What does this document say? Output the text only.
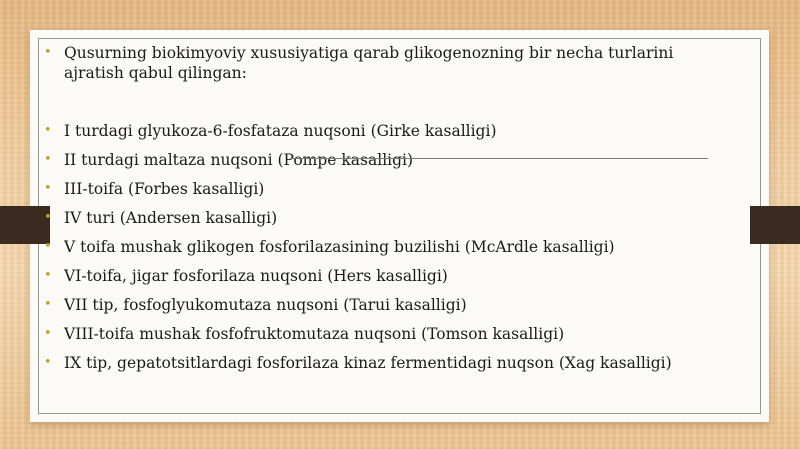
• Qusurning biokimyoviy xususiyatiga qarab glikogenozning bir necha turlarini ajratish qabul qilingan:
• I turdagi glyukoza-6-fosfataza nuqsoni (Girke kasalligi)
• II turdagi maltaza nuqsoni (Pompe kasalligi)
• III-toifa (Forbes kasalligi)
• IV turi (Andersen kasalligi)
• V toifa mushak glikogen fosforilazasining buzilishi (McArdle kasalligi)
• VI-toifa, jigar fosforilaza nuqsoni (Hers kasalligi)
• VII tip, fosfoglyukomutaza nuqsoni (Tarui kasalligi)
• VIII-toifa mushak fosfofruktomutaza nuqsoni (Tomson kasalligi)
• IX tip, gepatotsitlardagi fosforilaza kinaz fermentidagi nuqson (Xag kasalligi)
